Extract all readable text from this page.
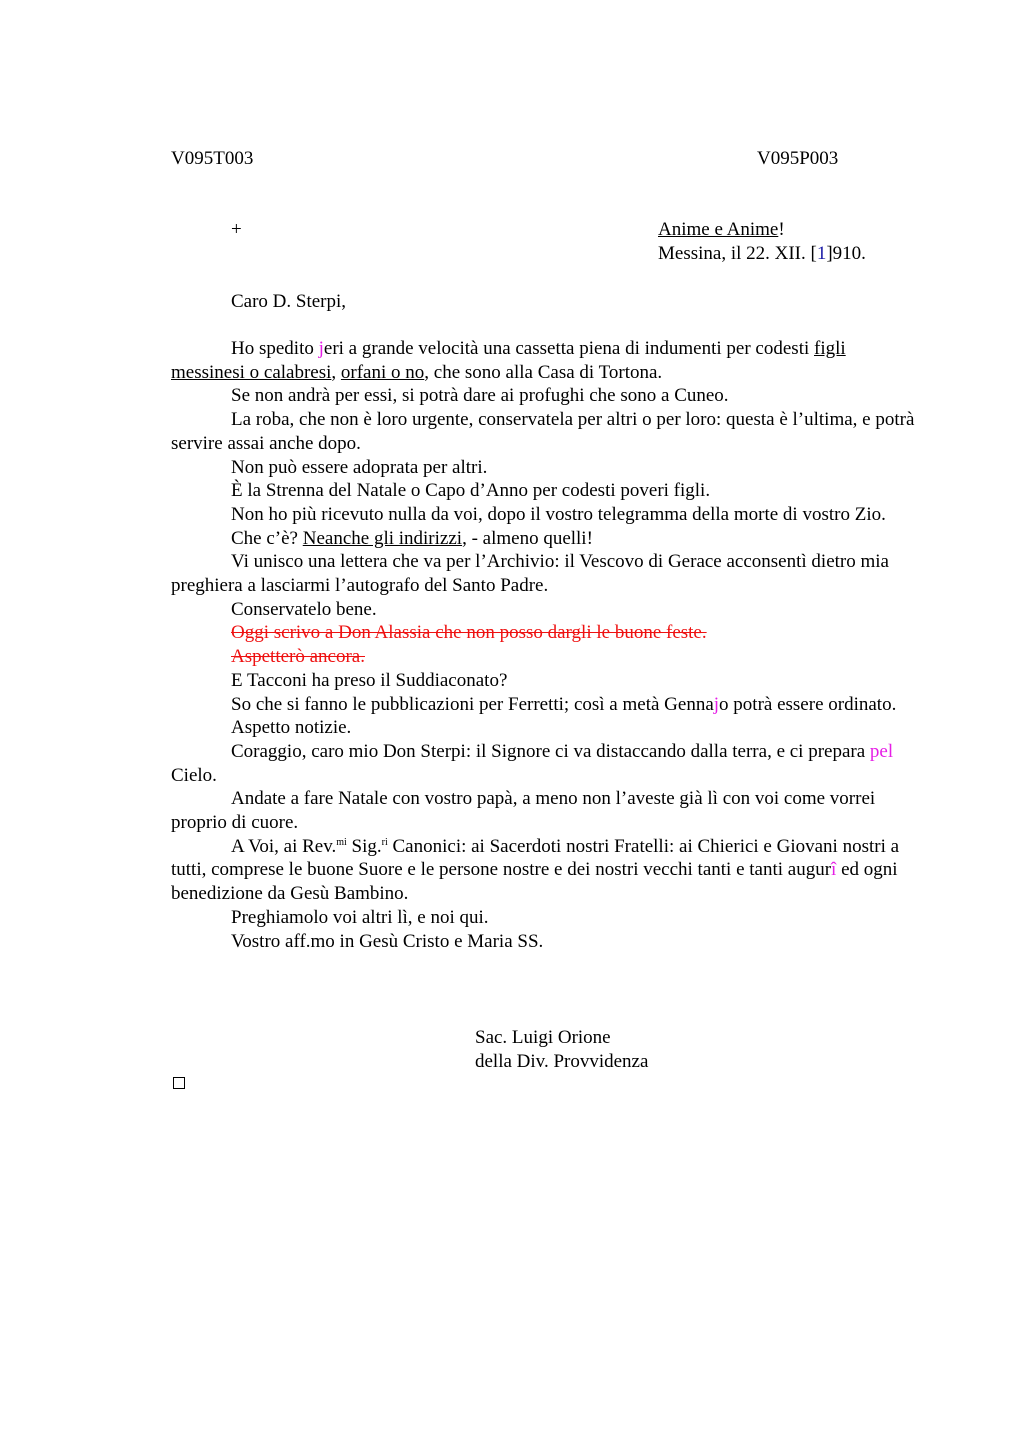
V095T003	V095P003
+	Anime e Anime!
Messina, il 22. XII. [1]910.
Caro D. Sterpi,

Ho spedito jeri a grande velocità una cassetta piena di indumenti per codesti figli messinesi o calabresi, orfani o no, che sono alla Casa di Tortona.

Se non andrà per essi, si potrà dare ai profughi che sono a Cuneo.

La roba, che non è loro urgente, conservatela per altri o per loro: questa è l’ultima, e potrà servire assai anche dopo.

Non può essere adoprata per altri.

È la Strenna del Natale o Capo d’Anno per codesti poveri figli.

Non ho più ricevuto nulla da voi, dopo il vostro telegramma della morte di vostro Zio.

Che c’è? Neanche gli indirizzi, - almeno quelli!

Vi unisco una lettera che va per l’Archivio: il Vescovo di Gerace acconsentì dietro mia preghiera a lasciarmi l’autografo del Santo Padre.

Conservatelo bene.

Oggi scrivo a Don Alassia che non posso dargli le buone feste.

Aspetterò ancora.

E Tacconi ha preso il Suddiaconato?

So che si fanno le pubblicazioni per Ferretti; così a metà Gennajo potrà essere ordinato.

Aspetto notizie.

Coraggio, caro mio Don Sterpi: il Signore ci va distaccando dalla terra, e ci prepara pel Cielo.

Andate a fare Natale con vostro papà, a meno non l’aveste già lì con voi come vorrei proprio di cuore.

A Voi, ai Rev.$^{mi}$ Sig.$^{ri}$ Canonici: ai Sacerdoti nostri Fratelli: ai Chierici e Giovani nostri a tutti, comprese le buone Suore e le persone nostre e dei nostri vecchi tanti e tanti augurî ed ogni benedizione da Gesù Bambino.

Preghiamolo voi altri lì, e noi qui.

Vostro aff.mo in Gesù Cristo e Maria SS.

Sac. Luigi Orione
della Div. Provvidenza
